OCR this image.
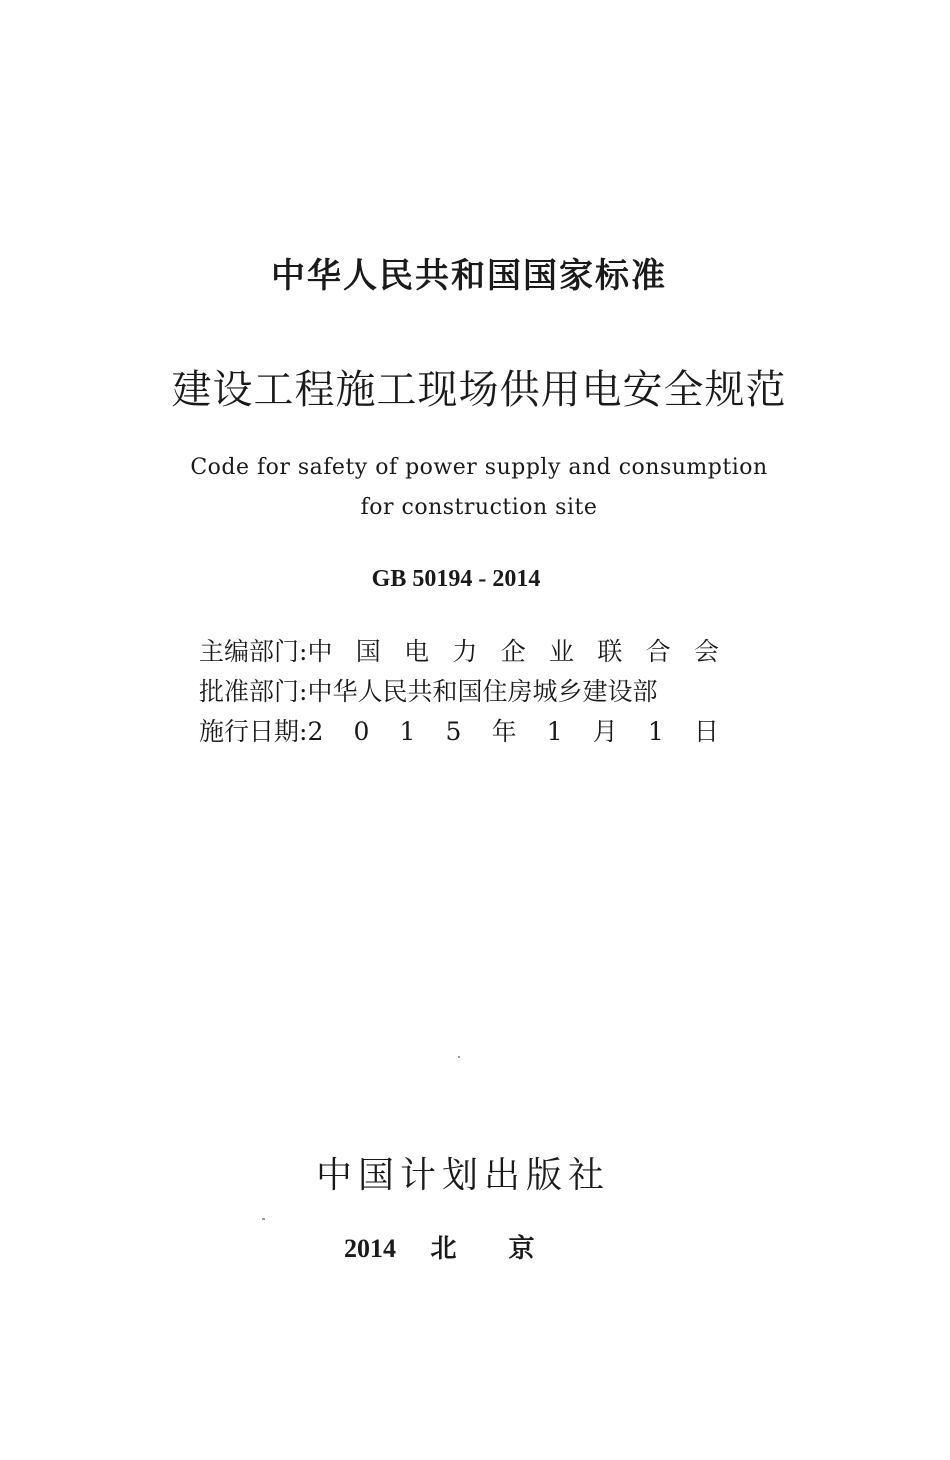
中华人民共和国国家标准
建设工程施工现场供用电安全规范
Code for safety of power supply and consumption
for construction site
GB 50194 - 2014
主编部门: 中 国 电 力 企 业 联 合 会
批准部门: 中华人民共和国住房城乡建设部
施行日期: 2 0 1 5 年 1 月 1 日
中国计划出版社
2014 北京
